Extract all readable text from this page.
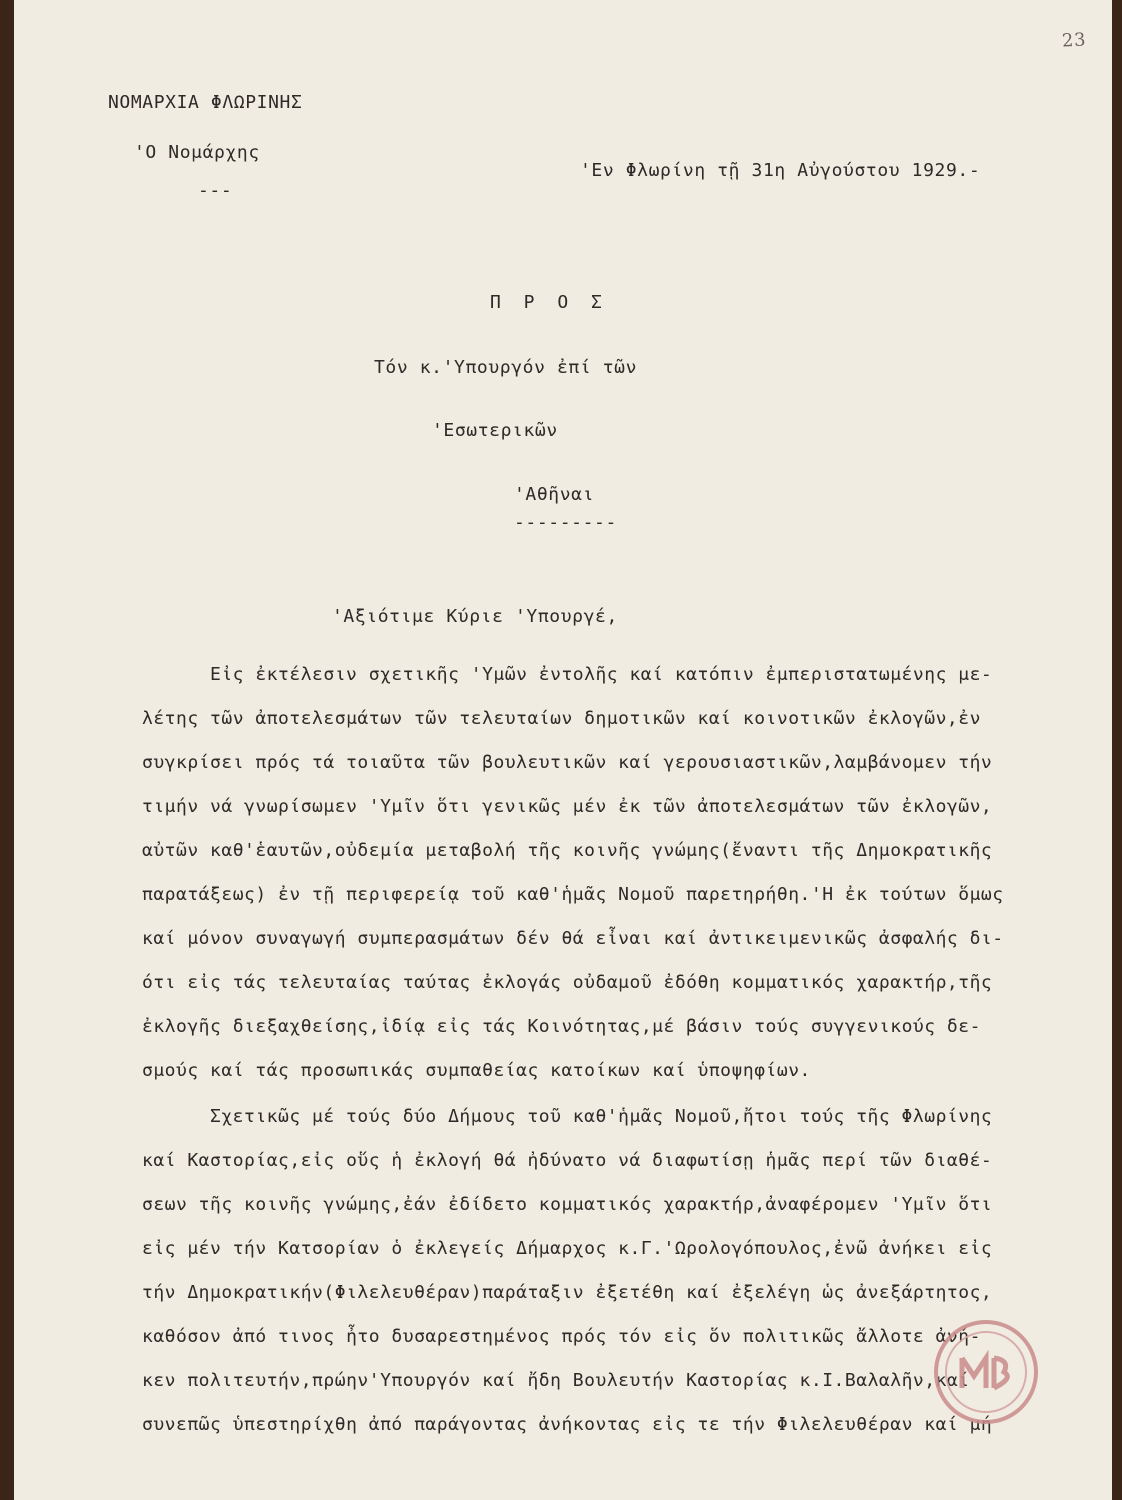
23
ΝΟΜΑΡΧΙΑ ΦΛΩΡΙΝΗΣ
'Ο Νομάρχης
---
'Εν Φλωρίνη τῇ 31η Αὐγούστου 1929.-
Π Ρ Ο Σ
Τόν κ.'Υπουργόν ἐπί τῶν
'Εσωτερικῶν
'Αθῆναι
---------
'Αξιότιμε Κύριε 'Υπουργέ,
Εἰς ἐκτέλεσιν σχετικῆς 'Υμῶν ἐντολῆς καί κατόπιν ἐμπεριστατωμένης με-
λέτης τῶν ἀποτελεσμάτων τῶν τελευταίων δημοτικῶν καί κοινοτικῶν ἐκλογῶν,ἐν
συγκρίσει πρός τά τοιαῦτα τῶν βουλευτικῶν καί γερουσιαστικῶν,λαμβάνομεν τήν
τιμήν νά γνωρίσωμεν 'Υμῖν ὅτι γενικῶς μέν ἐκ τῶν ἀποτελεσμάτων τῶν ἐκλογῶν,
αὐτῶν καθ'ἑαυτῶν,οὐδεμία μεταβολή τῆς κοινῆς γνώμης(ἔναντι τῆς Δημοκρατικῆς
παρατάξεως) ἐν τῇ περιφερείᾳ τοῦ καθ'ἡμᾶς Νομοῦ παρετηρήθη.'Η ἐκ τούτων ὅμως
καί μόνον συναγωγή συμπερασμάτων δέν θά εἶναι καί ἀντικειμενικῶς ἀσφαλής δι-
ότι εἰς τάς τελευταίας ταύτας ἐκλογάς οὐδαμοῦ ἐδόθη κομματικός χαρακτήρ,τῆς
ἐκλογῆς διεξαχθείσης,ἰδίᾳ εἰς τάς Κοινότητας,μέ βάσιν τούς συγγενικούς δε-
σμούς καί τάς προσωπικάς συμπαθείας κατοίκων καί ὑποψηφίων.
Σχετικῶς μέ τούς δύο Δήμους τοῦ καθ'ἡμᾶς Νομοῦ,ἤτοι τούς τῆς Φλωρίνης
καί Καστορίας,εἰς οὕς ἡ ἐκλογή θά ἠδύνατο νά διαφωτίσῃ ἡμᾶς περί τῶν διαθέ-
σεων τῆς κοινῆς γνώμης,ἐάν ἐδίδετο κομματικός χαρακτήρ,ἀναφέρομεν 'Υμῖν ὅτι
εἰς μέν τήν Κατσορίαν ὁ ἐκλεγείς Δήμαρχος κ.Γ.'Ωρολογόπουλος,ἐνῶ ἀνήκει εἰς
τήν Δημοκρατικήν(Φιλελευθέραν)παράταξιν ἐξετέθη καί ἐξελέγη ὡς ἀνεξάρτητος,
καθόσον ἀπό τινος ἦτο δυσαρεστημένος πρός τόν εἰς ὅν πολιτικῶς ἄλλοτε ἀνή-
κεν πολιτευτήν,πρώην'Υπουργόν καί ἤδη Βουλευτήν Καστορίας κ.Ι.Βαλαλῆν,καί
συνεπῶς ὑπεστηρίχθη ἀπό παράγοντας ἀνήκοντας εἰς τε τήν Φιλελευθέραν καί μή
